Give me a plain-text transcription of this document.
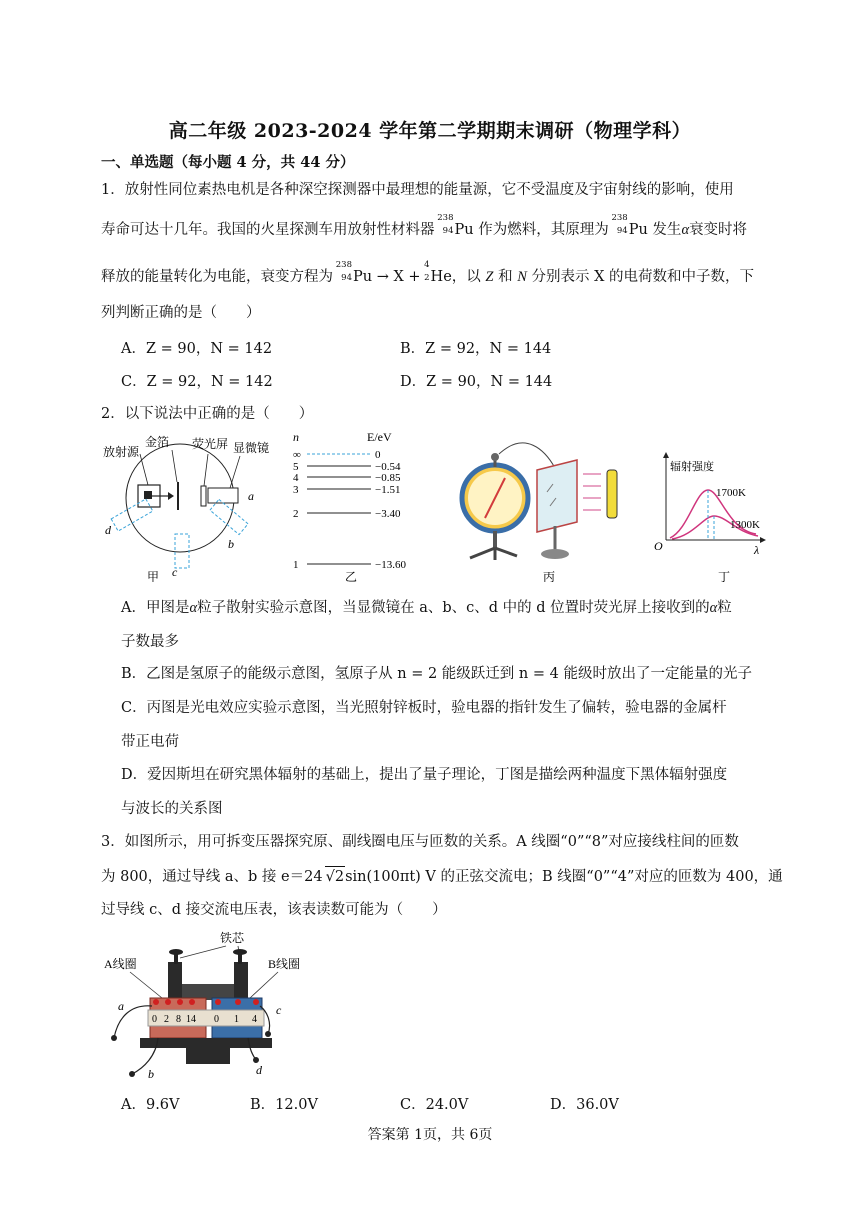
高二年级 2023-2024 学年第二学期期末调研（物理学科）
一、单选题（每小题 4 分，共 44 分）
1．放射性同位素热电机是各种深空探测器中最理想的能量源，它不受温度及宇宙射线的影响，使用
寿命可达十几年。我国的火星探测车用放射性材料器
238
94 Pu 作为燃料，其原理为
238
94 Pu 发生α衰变时将
释放的能量转化为电能，衰变方程为
238
94 Pu → X +
4
2 He，以 Z 和 N 分别表示 X 的电荷数和中子数，下
列判断正确的是（　　）
A．Z = 90，N = 142	B．Z = 92，N = 144
C．Z = 92，N = 142	D．Z = 90，N = 144
2．以下说法中正确的是（　　）
放射源
金箔 荧光屏 显微镜
a
d
c
b
甲
n	E/eV
∞	0
5	−0.54
4	−0.85
3	−1.51
2	−3.40
1	−13.60
乙	丙
辐射强度
1700K
1300K
O	λ
丁
A．甲图是α粒子散射实验示意图，当显微镜在 a、b、c、d 中的 d 位置时荧光屏上接收到的α粒
子数最多
B．乙图是氢原子的能级示意图，氢原子从 n = 2 能级跃迁到 n = 4 能级时放出了一定能量的光子
C．丙图是光电效应实验示意图，当光照射锌板时，验电器的指针发生了偏转，验电器的金属杆
带正电荷
D．爱因斯坦在研究黑体辐射的基础上，提出了量子理论，丁图是描绘两种温度下黑体辐射强度
与波长的关系图
3．如图所示，用可拆变压器探究原、副线圈电压与匝数的关系。A 线圈“0”“8”对应接线柱间的匝数
为 800，通过导线 a、b 接 e＝24 √2sin(100πt) V 的正弦交流电；B 线圈“0”“4”对应的匝数为 400，通
过导线 c、d 接交流电压表，该表读数可能为（　　）
铁芯
A线圈	B线圈
0 2 8 14 0 1 4
a
b
c
d
A．9.6V	B．12.0V	C．24.0V	D．36.0V
答案第 1页，共 6页
